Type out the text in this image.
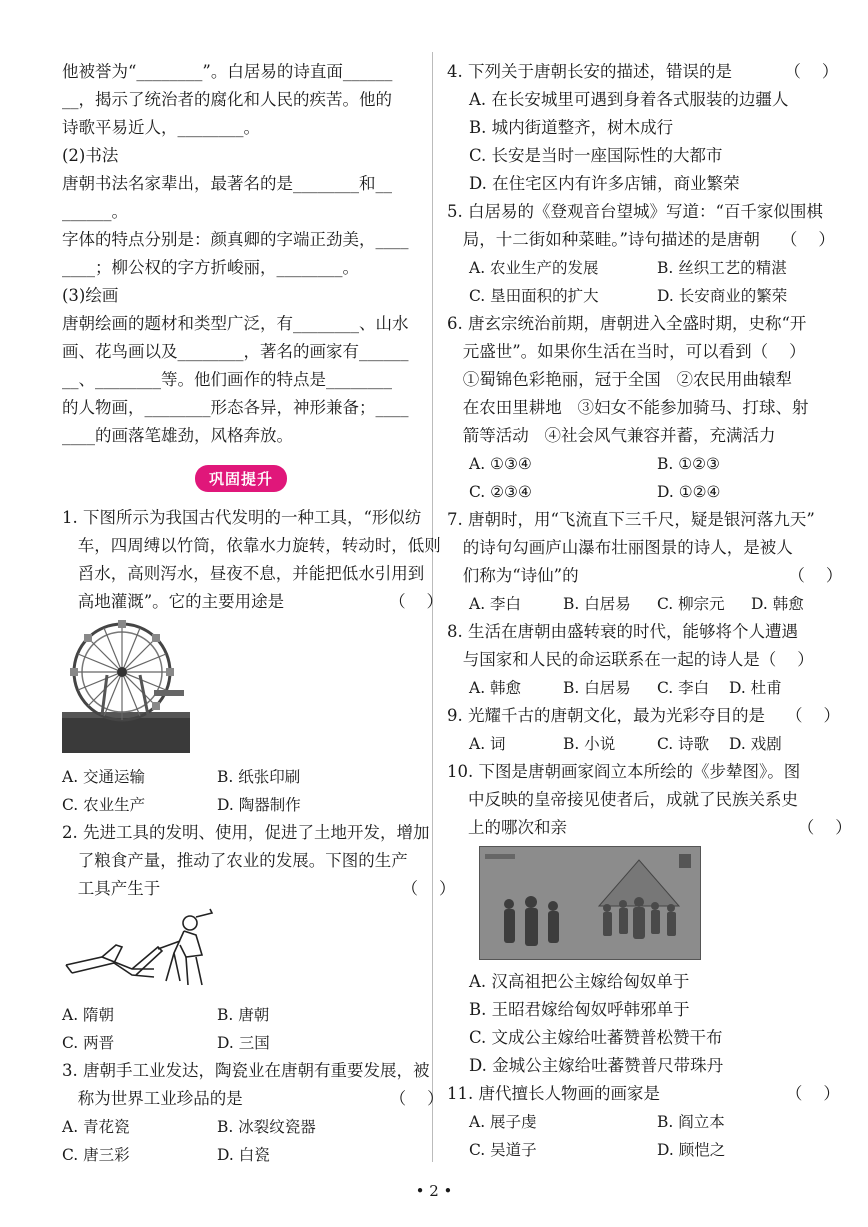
他被誉为“________”。白居易的诗直面______
__，揭示了统治者的腐化和人民的疾苦。他的
诗歌平易近人，________。
(2)书法
唐朝书法名家辈出，最著名的是________和__
______。
字体的特点分别是：颜真卿的字端正劲美，____
____；柳公权的字方折峻丽，________。
(3)绘画
唐朝绘画的题材和类型广泛，有________、山水
画、花鸟画以及________，著名的画家有______
__、________等。他们画作的特点是________
的人物画，________形态各异，神形兼备；____
____的画落笔雄劲，风格奔放。
巩固提升
1. 下图所示为我国古代发明的一种工具，“形似纺
车，四周缚以竹筒，依靠水力旋转，转动时，低则
舀水，高则泻水，昼夜不息，并能把低水引用到
高地灌溉”。它的主要用途是                    （    ）
A. 交通运输	B. 纸张印刷
C. 农业生产	D. 陶器制作
2. 先进工具的发明、使用，促进了土地开发，增加
了粮食产量，推动了农业的发展。下图的生产
工具产生于                                              （    ）
A. 隋朝	B. 唐朝
C. 两晋	D. 三国
3. 唐朝手工业发达，陶瓷业在唐朝有重要发展，被
称为世界工业珍品的是                            （    ）
A. 青花瓷	B. 冰裂纹瓷器
C. 唐三彩	D. 白瓷
4. 下列关于唐朝长安的描述，错误的是          （    ）
A. 在长安城里可遇到身着各式服装的边疆人
B. 城内街道整齐，树木成行
C. 长安是当时一座国际性的大都市
D. 在住宅区内有许多店铺，商业繁荣
5. 白居易的《登观音台望城》写道：“百千家似围棋
局，十二街如种菜畦。”诗句描述的是唐朝    （    ）
A. 农业生产的发展	B. 丝织工艺的精湛
C. 垦田面积的扩大	D. 长安商业的繁荣
6. 唐玄宗统治前期，唐朝进入全盛时期，史称“开
元盛世”。如果你生活在当时，可以看到（    ）
①蜀锦色彩艳丽，冠于全国   ②农民用曲辕犁
在农田里耕地   ③妇女不能参加骑马、打球、射
箭等活动   ④社会风气兼容并蓄，充满活力
A. ①③④	B. ①②③
C. ②③④	D. ①②④
7. 唐朝时，用“飞流直下三千尺，疑是银河落九天”
的诗句勾画庐山瀑布壮丽图景的诗人，是被人
们称为“诗仙”的                                        （    ）
A. 李白	B. 白居易	C. 柳宗元	D. 韩愈
8. 生活在唐朝由盛转衰的时代，能够将个人遭遇
与国家和人民的命运联系在一起的诗人是（    ）
A. 韩愈	B. 白居易	C. 李白	D. 杜甫
9. 光耀千古的唐朝文化，最为光彩夺目的是    （    ）
A. 词	B. 小说	C. 诗歌	D. 戏剧
10. 下图是唐朝画家阎立本所绘的《步辇图》。图
中反映的皇帝接见使者后，成就了民族关系史
上的哪次和亲                                            （    ）
A. 汉高祖把公主嫁给匈奴单于
B. 王昭君嫁给匈奴呼韩邪单于
C. 文成公主嫁给吐蕃赞普松赞干布
D. 金城公主嫁给吐蕃赞普尺带珠丹
11. 唐代擅长人物画的画家是                        （    ）
A. 展子虔	B. 阎立本
C. 吴道子	D. 顾恺之
• 2 •
